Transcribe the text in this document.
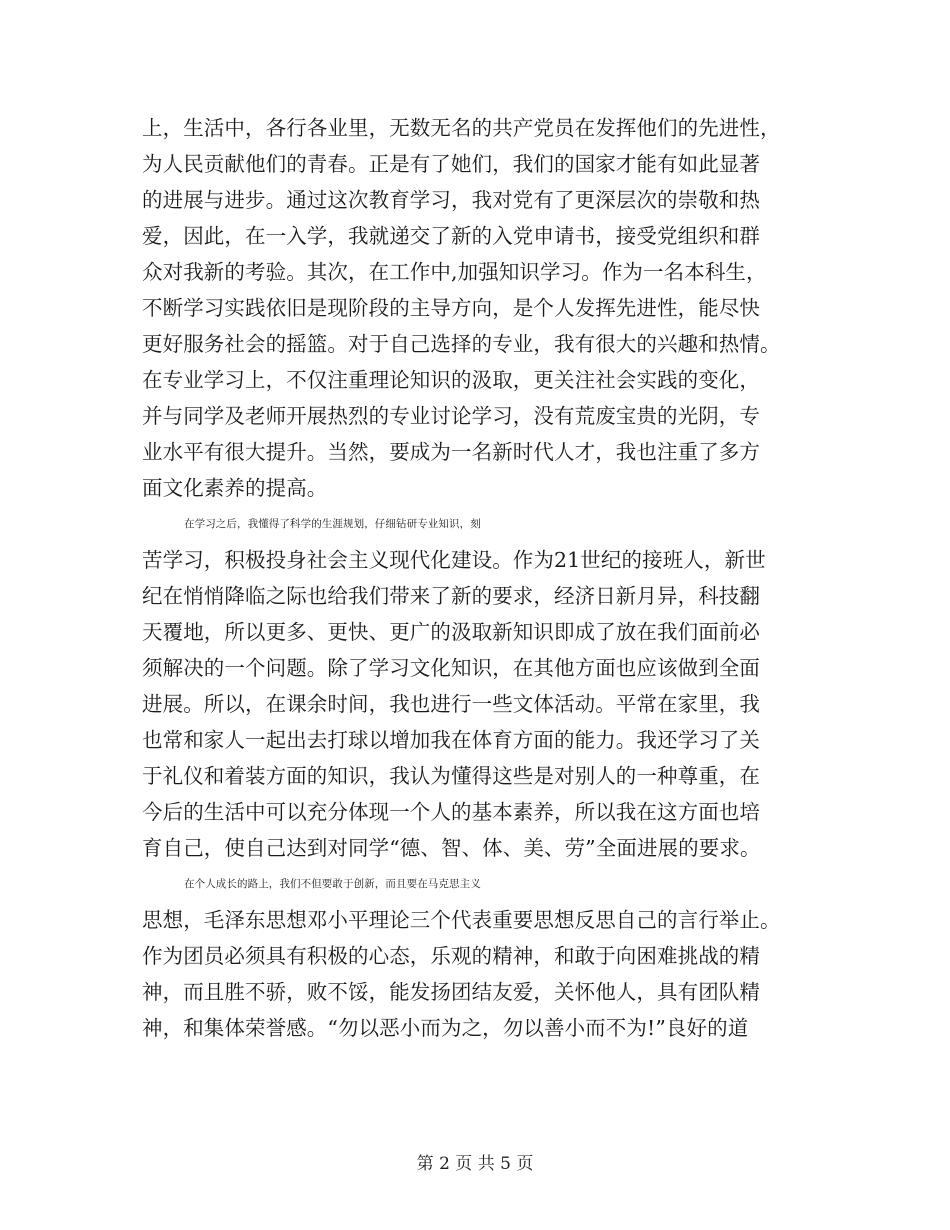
上，生活中，各行各业里，无数无名的共产党员在发挥他们的先进性，
为人民贡献他们的青春。正是有了她们，我们的国家才能有如此显著
的进展与进步。通过这次教育学习，我对党有了更深层次的崇敬和热
爱，因此，在一入学，我就递交了新的入党申请书，接受党组织和群
众对我新的考验。其次，在工作中,加强知识学习。作为一名本科生，
不断学习实践依旧是现阶段的主导方向，是个人发挥先进性，能尽快
更好服务社会的摇篮。对于自己选择的专业，我有很大的兴趣和热情。
在专业学习上，不仅注重理论知识的汲取，更关注社会实践的变化，
并与同学及老师开展热烈的专业讨论学习，没有荒废宝贵的光阴，专
业水平有很大提升。当然，要成为一名新时代人才，我也注重了多方
面文化素养的提高。
在学习之后，我懂得了科学的生涯规划，仔细钻研专业知识，刻
苦学习，积极投身社会主义现代化建设。作为21世纪的接班人，新世
纪在悄悄降临之际也给我们带来了新的要求，经济日新月异，科技翻
天覆地，所以更多、更快、更广的汲取新知识即成了放在我们面前必
须解决的一个问题。除了学习文化知识，在其他方面也应该做到全面
进展。所以，在课余时间，我也进行一些文体活动。平常在家里，我
也常和家人一起出去打球以增加我在体育方面的能力。我还学习了关
于礼仪和着装方面的知识，我认为懂得这些是对别人的一种尊重，在
今后的生活中可以充分体现一个人的基本素养，所以我在这方面也培
育自己，使自己达到对同学“德、智、体、美、劳”全面进展的要求。
在个人成长的路上，我们不但要敢于创新，而且要在马克思主义
思想，毛泽东思想邓小平理论三个代表重要思想反思自己的言行举止。
作为团员必须具有积极的心态，乐观的精神，和敢于向困难挑战的精
神，而且胜不骄，败不馁，能发扬团结友爱，关怀他人，具有团队精
神，和集体荣誉感。“勿以恶小而为之，勿以善小而不为!”良好的道
第 2 页 共 5 页
